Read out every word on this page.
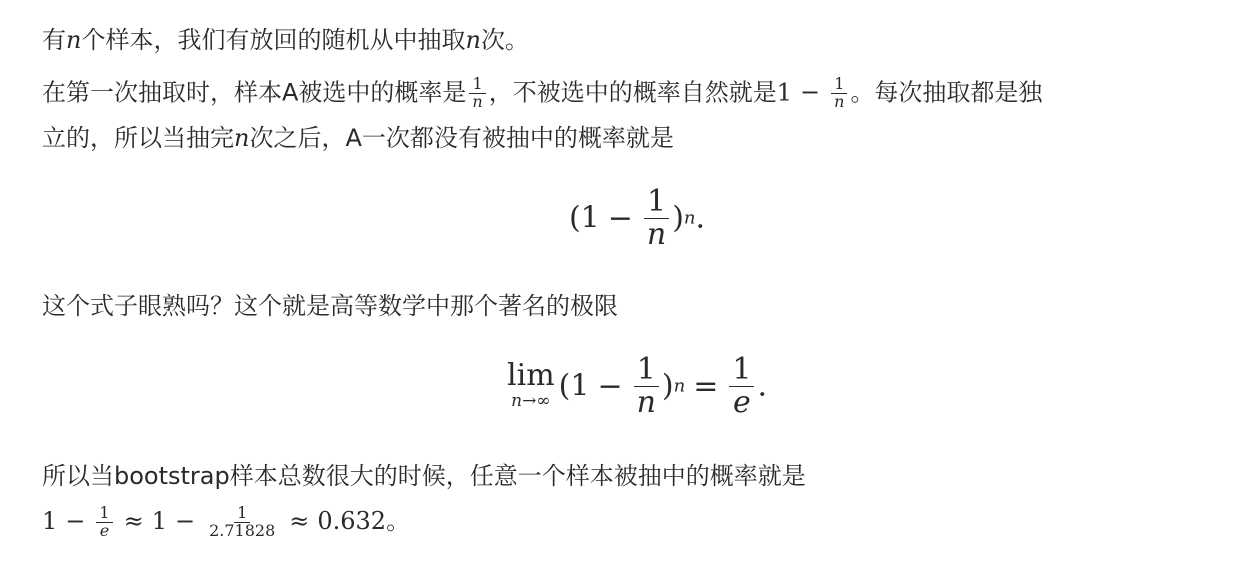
有n个样本，我们有放回的随机从中抽取n次。
在第一次抽取时，样本A被选中的概率是 $\frac{1}{n}$ ，不被选中的概率自然就是$1 - \frac{1}{n}$ 。每次抽取都是独
立的，所以当抽完n次之后，A一次都没有被抽中的概率就是
$(1 - \frac{1}{n} )n$.
这个式子眼熟吗？这个就是高等数学中那个著名的极限
lim
n→∞ $(1 - \frac{1}{n} )n = \frac{1}{e}$ .
所以当bootstrap样本总数很大的时候，任意一个样本被抽中的概率就是
$1 - \frac{1}{e} \approx 1 - \frac{1}{2.71828} \approx 0.632$。
